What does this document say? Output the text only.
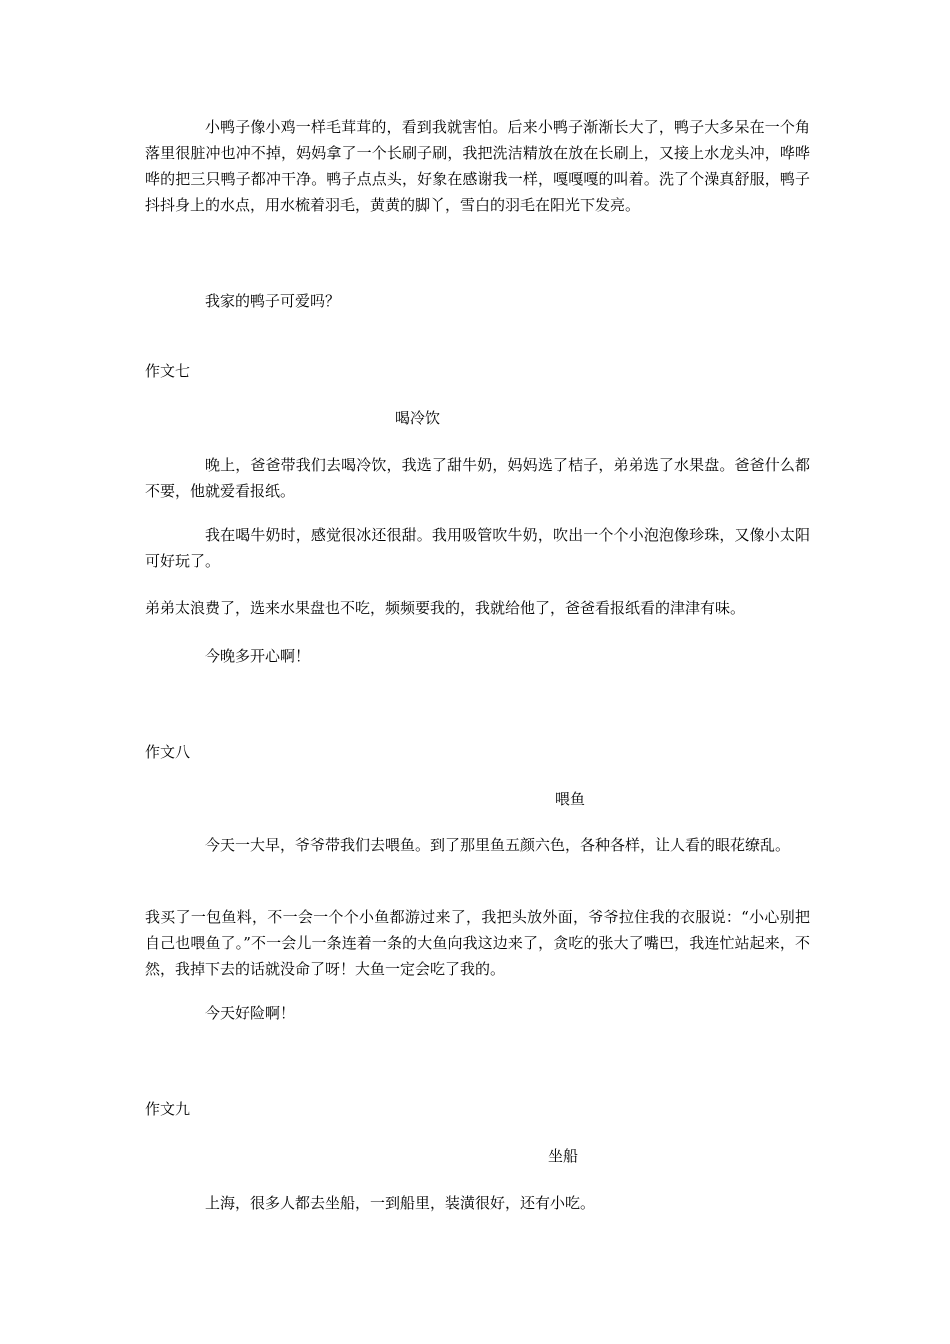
小鸭子像小鸡一样毛茸茸的，看到我就害怕。后来小鸭子渐渐长大了，鸭子大多呆在一个角落里很脏冲也冲不掉，妈妈拿了一个长刷子刷，我把洗洁精放在放在长刷上，又接上水龙头冲，哗哗哗的把三只鸭子都冲干净。鸭子点点头，好象在感谢我一样，嘎嘎嘎的叫着。洗了个澡真舒服，鸭子抖抖身上的水点，用水梳着羽毛，黄黄的脚丫，雪白的羽毛在阳光下发亮。

我家的鸭子可爱吗？

作文七

喝冷饮

晚上，爸爸带我们去喝冷饮，我选了甜牛奶，妈妈选了桔子，弟弟选了水果盘。爸爸什么都不要，他就爱看报纸。

我在喝牛奶时，感觉很冰还很甜。我用吸管吹牛奶，吹出一个个小泡泡像珍珠，又像小太阳可好玩了。

弟弟太浪费了，选来水果盘也不吃，频频要我的，我就给他了，爸爸看报纸看的津津有味。

今晚多开心啊！

作文八

喂鱼

今天一大早，爷爷带我们去喂鱼。到了那里鱼五颜六色，各种各样，让人看的眼花缭乱。

我买了一包鱼料，不一会一个个小鱼都游过来了，我把头放外面，爷爷拉住我的衣服说：“小心别把自己也喂鱼了。”不一会儿一条连着一条的大鱼向我这边来了，贪吃的张大了嘴巴，我连忙站起来，不然，我掉下去的话就没命了呀！大鱼一定会吃了我的。

今天好险啊！

作文九

坐船

上海，很多人都去坐船，一到船里，装潢很好，还有小吃。
